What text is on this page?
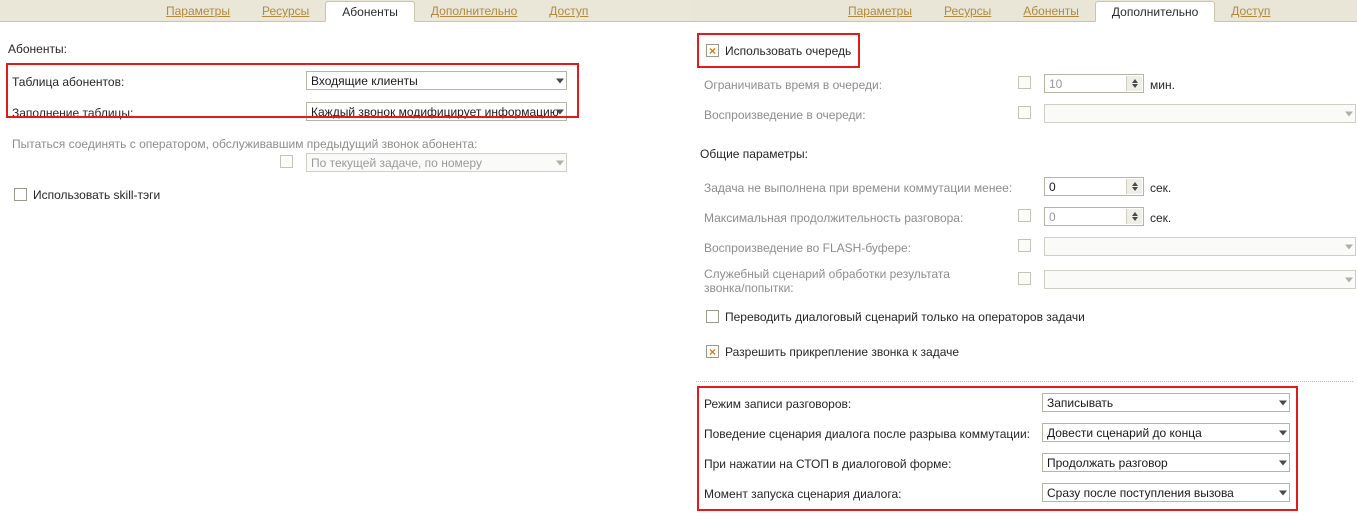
Параметры	Ресурсы	Абоненты	Дополнительно	Доступ
Абоненты:
Таблица абонентов:	Входящие клиенты
Заполнение таблицы:	Каждый звонок модифицирует информацию
Пытаться соединять с оператором, обслуживавшим предыдущий звонок абонента:
По текущей задаче, по номеру
Использовать skill-тэги
Параметры	Ресурсы	Абоненты	Дополнительно	Доступ
×
Использовать очередь
Ограничивать время в очереди:	10	мин.
Воспроизведение в очереди:
Общие параметры:
Задача не выполнена при времени коммутации менее:	0	сек.
Максимальная продолжительность разговора:	0	сек.
Воспроизведение во FLASH-буфере:
Служебный сценарий обработки результата
звонка/попытки:
Переводить диалоговый сценарий только на операторов задачи
×
Разрешить прикрепление звонка к задаче
Режим записи разговоров:	Записывать
Поведение сценария диалога после разрыва коммутации: Довести сценарий до конца
При нажатии на СТОП в диалоговой форме:	Продолжать разговор
Момент запуска сценария диалога:	Сразу после поступления вызова
